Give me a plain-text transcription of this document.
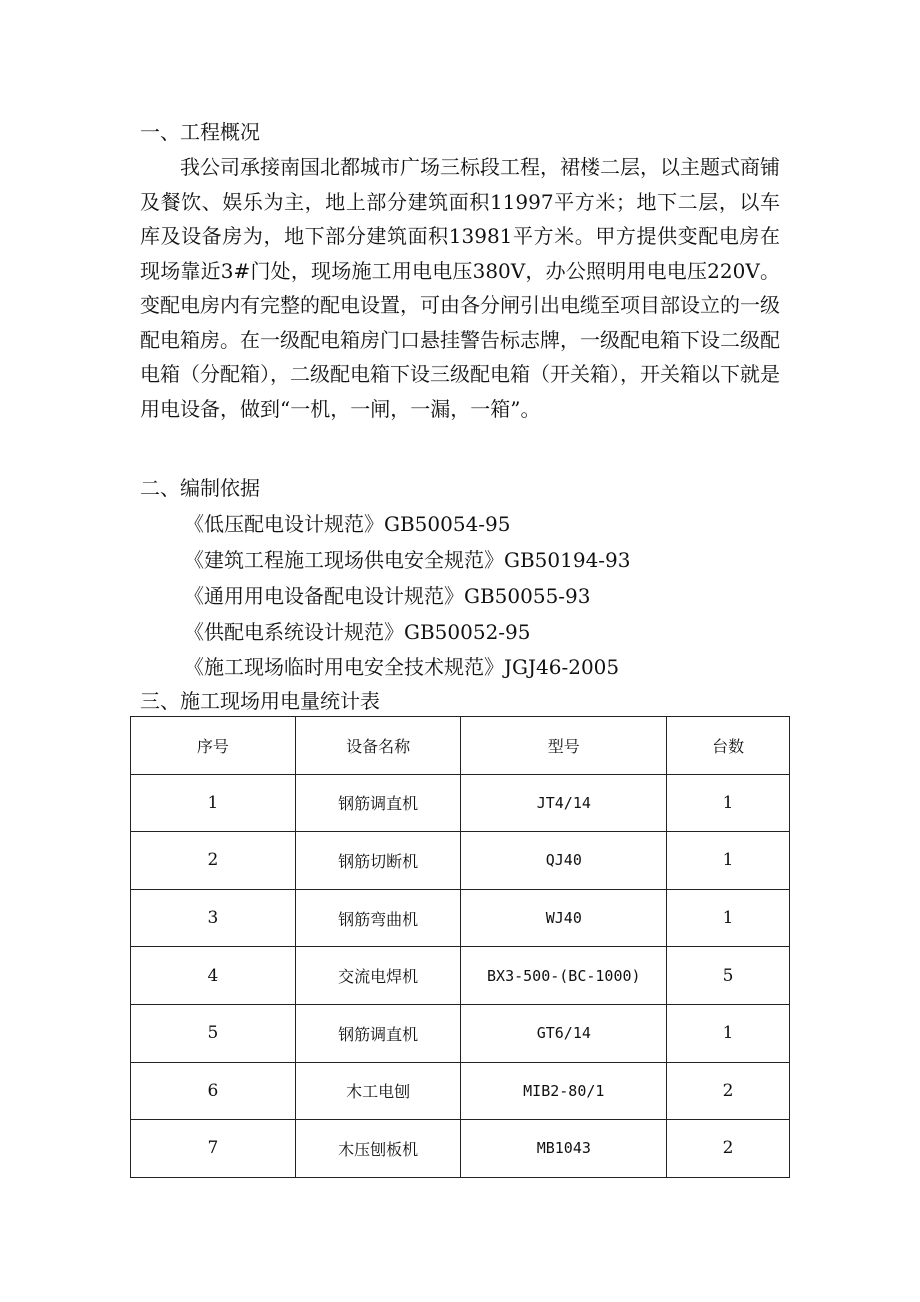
一、工程概况
我公司承接南国北都城市广场三标段工程，裙楼二层，以主题式商铺及餐饮、娱乐为主，地上部分建筑面积11997平方米；地下二层，以车库及设备房为，地下部分建筑面积13981平方米。甲方提供变配电房在现场靠近3#门处，现场施工用电电压380V，办公照明用电电压220V。变配电房内有完整的配电设置，可由各分闸引出电缆至项目部设立的一级配电箱房。在一级配电箱房门口悬挂警告标志牌，一级配电箱下设二级配电箱（分配箱），二级配电箱下设三级配电箱（开关箱），开关箱以下就是用电设备，做到“一机，一闸，一漏，一箱”。
二、编制依据
《低压配电设计规范》GB50054-95
《建筑工程施工现场供电安全规范》GB50194-93
《通用用电设备配电设计规范》GB50055-93
《供配电系统设计规范》GB50052-95
《施工现场临时用电安全技术规范》JGJ46-2005
三、施工现场用电量统计表
序号	设备名称	型号	台数
1	钢筋调直机	JT4/14	1
2	钢筋切断机	QJ40	1
3	钢筋弯曲机	WJ40	1
4	交流电焊机	BX3-500-(BC-1000)	5
5	钢筋调直机	GT6/14	1
6	木工电刨	MIB2-80/1	2
7	木压刨板机	MB1043	2
